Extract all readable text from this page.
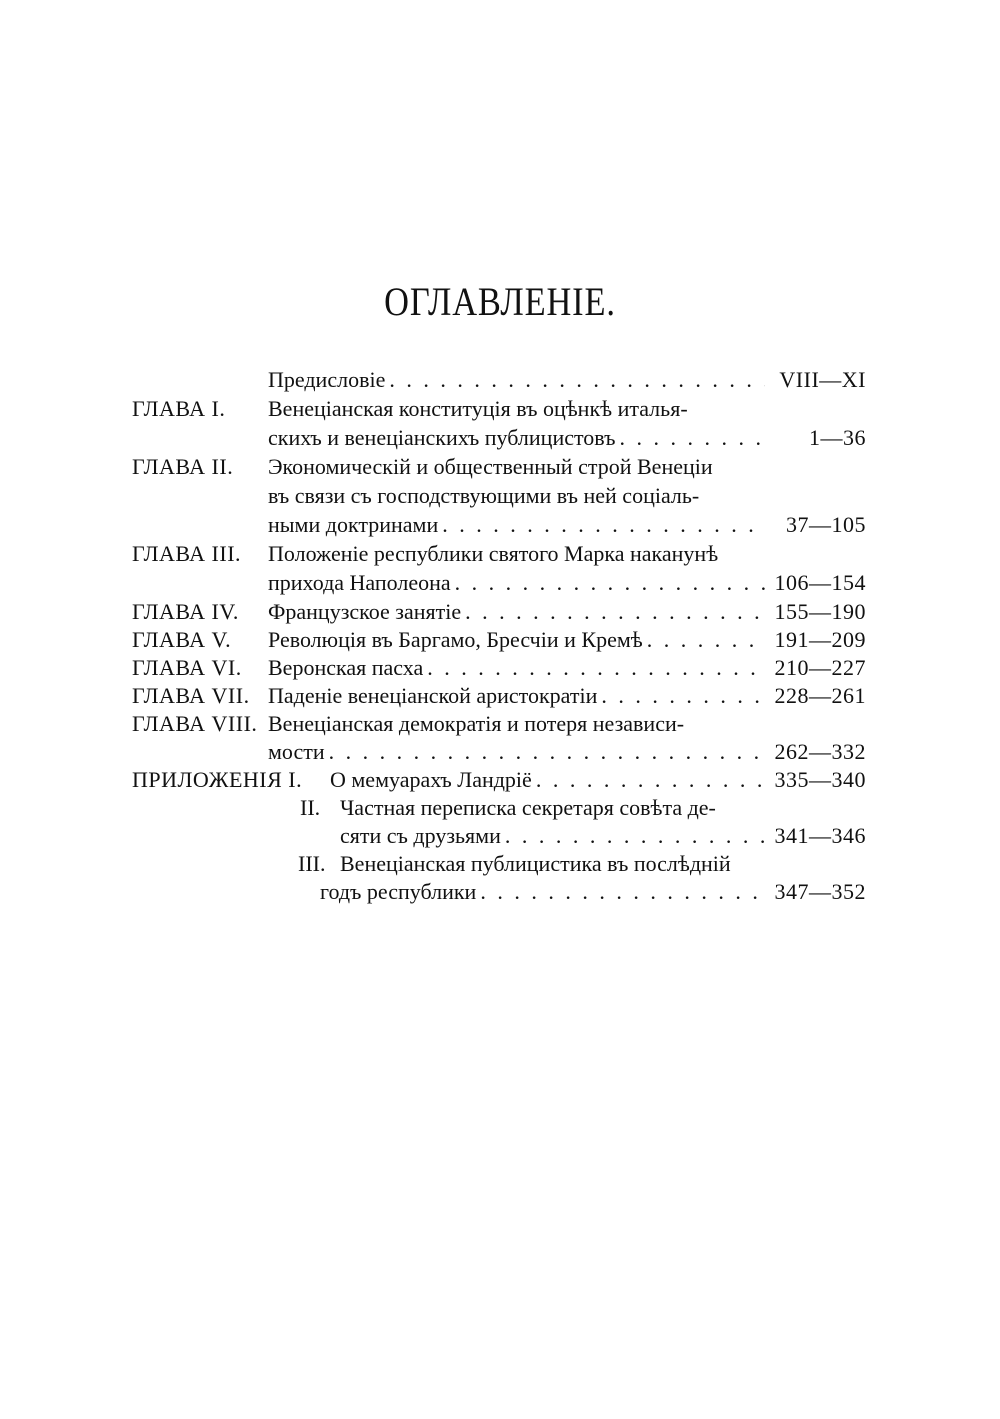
ОГЛАВЛЕНІЕ.
Предисловіе . . .	VIII—XI
ГЛАВА I.	Венеціанская конституція въ оцѣнкѣ италья-
скихъ и венеціанскихъ публицистовъ . . .	1—36
ГЛАВА II.	Экономическій и общественный строй Венеціи
въ связи съ господствующими въ ней соціаль-
ными доктринами . . .	37—105
ГЛАВА III.	Положеніе республики святого Марка наканунѣ
прихода Наполеона . . .	106—154
ГЛАВА IV.	Французское занятіе . . .	155—190
ГЛАВА V.	Революція въ Баргамо, Бресчіи и Кремѣ . . .	191—209
ГЛАВА VI.	Веронская пасха . . .	210—227
ГЛАВА VII. Паденіе венеціанской аристократіи . . .	228—261
ГЛАВА VIII. Венеціанская демократія и потеря независи-
мости . . .	262—332
ПРИЛОЖЕНІЯ I.	О мемуарахъ Ландріё . . .	335—340
II. Частная переписка секретаря совѣта де-
сяти съ друзьями . . .	341—346
III. Венеціанская публицистика въ послѣдній
годъ республики . . .	347—352
